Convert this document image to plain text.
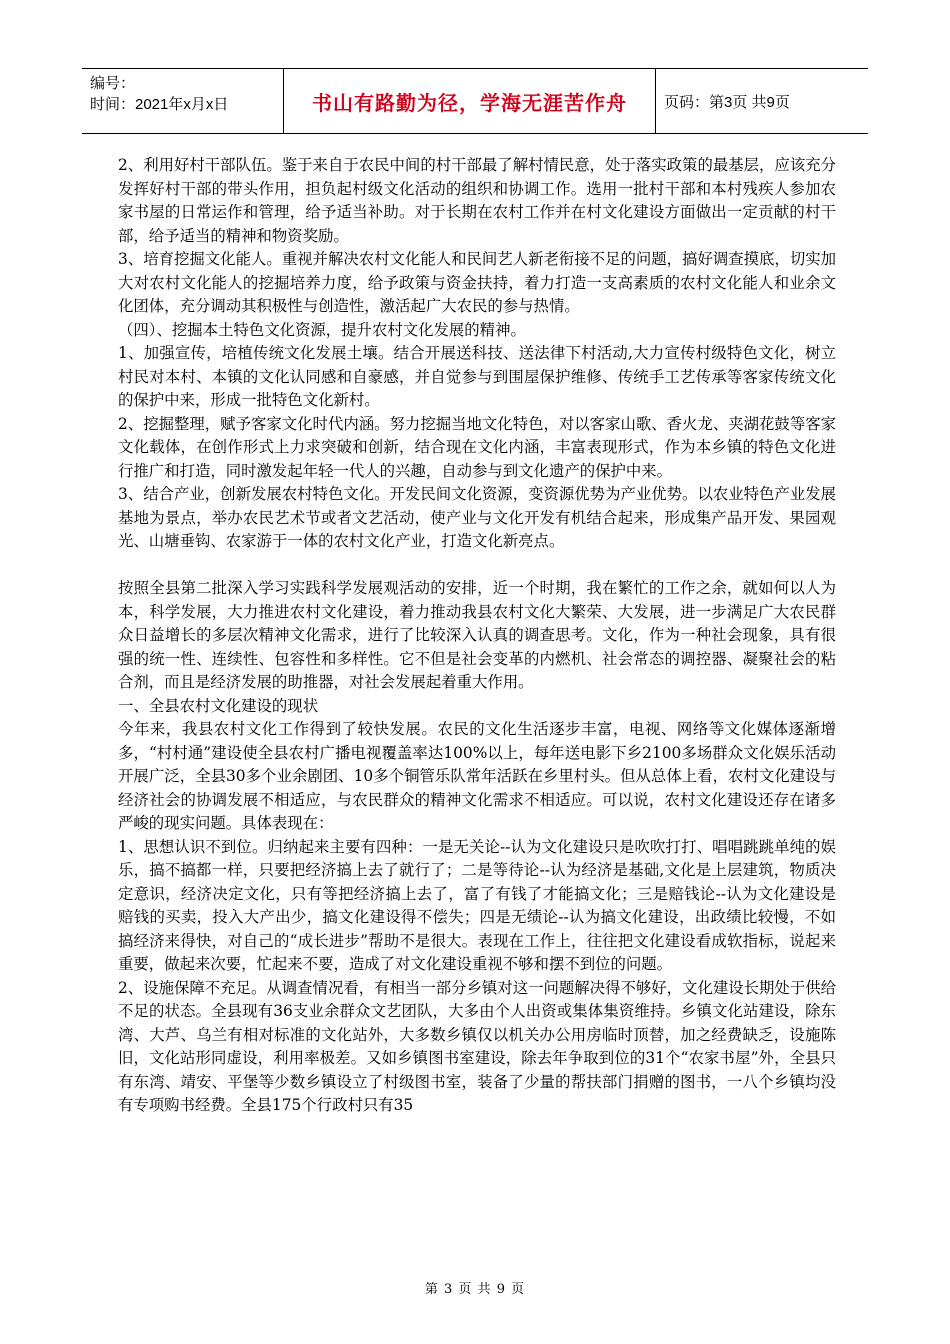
编号：
时间：2021年x月x日	书山有路勤为径，学海无涯苦作舟	页码：第3页 共9页

2、利用好村干部队伍。鉴于来自于农民中间的村干部最了解村情民意，处于落实政策的最基层，应该充分发挥好村干部的带头作用，担负起村级文化活动的组织和协调工作。选用一批村干部和本村残疾人参加农家书屋的日常运作和管理，给予适当补助。对于长期在农村工作并在村文化建设方面做出一定贡献的村干部，给予适当的精神和物资奖励。

3、培育挖掘文化能人。重视并解决农村文化能人和民间艺人新老衔接不足的问题，搞好调查摸底，切实加大对农村文化能人的挖掘培养力度，给予政策与资金扶持，着力打造一支高素质的农村文化能人和业余文化团体，充分调动其积极性与创造性，激活起广大农民的参与热情。

（四）、挖掘本土特色文化资源，提升农村文化发展的精神。

1、加强宣传，培植传统文化发展土壤。结合开展送科技、送法律下村活动,大力宣传村级特色文化，树立村民对本村、本镇的文化认同感和自豪感，并自觉参与到围屋保护维修、传统手工艺传承等客家传统文化的保护中来，形成一批特色文化新村。

2、挖掘整理，赋予客家文化时代内涵。努力挖掘当地文化特色，对以客家山歌、香火龙、夹湖花鼓等客家文化载体，在创作形式上力求突破和创新，结合现在文化内涵，丰富表现形式，作为本乡镇的特色文化进行推广和打造，同时激发起年轻一代人的兴趣，自动参与到文化遗产的保护中来。

3、结合产业，创新发展农村特色文化。开发民间文化资源，变资源优势为产业优势。以农业特色产业发展基地为景点，举办农民艺术节或者文艺活动，使产业与文化开发有机结合起来，形成集产品开发、果园观光、山塘垂钩、农家游于一体的农村文化产业，打造文化新亮点。

按照全县第二批深入学习实践科学发展观活动的安排，近一个时期，我在繁忙的工作之余，就如何以人为本，科学发展，大力推进农村文化建设，着力推动我县农村文化大繁荣、大发展，进一步满足广大农民群众日益增长的多层次精神文化需求，进行了比较深入认真的调查思考。文化，作为一种社会现象，具有很强的统一性、连续性、包容性和多样性。它不但是社会变革的内燃机、社会常态的调控器、凝聚社会的粘合剂，而且是经济发展的助推器，对社会发展起着重大作用。

一、全县农村文化建设的现状

今年来，我县农村文化工作得到了较快发展。农民的文化生活逐步丰富，电视、网络等文化媒体逐渐增多，“村村通”建设使全县农村广播电视覆盖率达100%以上，每年送电影下乡2100多场群众文化娱乐活动开展广泛，全县30多个业余剧团、10多个铜管乐队常年活跃在乡里村头。但从总体上看，农村文化建设与经济社会的协调发展不相适应，与农民群众的精神文化需求不相适应。可以说，农村文化建设还存在诸多严峻的现实问题。具体表现在：

1、思想认识不到位。归纳起来主要有四种：一是无关论--认为文化建设只是吹吹打打、唱唱跳跳单纯的娱乐，搞不搞都一样，只要把经济搞上去了就行了；二是等待论--认为经济是基础,文化是上层建筑，物质决定意识，经济决定文化，只有等把经济搞上去了，富了有钱了才能搞文化；三是赔钱论--认为文化建设是赔钱的买卖，投入大产出少，搞文化建设得不偿失；四是无绩论--认为搞文化建设，出政绩比较慢，不如搞经济来得快，对自己的“成长进步”帮助不是很大。表现在工作上，往往把文化建设看成软指标，说起来重要，做起来次要，忙起来不要，造成了对文化建设重视不够和摆不到位的问题。

2、设施保障不充足。从调查情况看，有相当一部分乡镇对这一问题解决得不够好，文化建设长期处于供给不足的状态。全县现有36支业余群众文艺团队，大多由个人出资或集体集资维持。乡镇文化站建设，除东湾、大芦、乌兰有相对标准的文化站外，大多数乡镇仅以机关办公用房临时顶替，加之经费缺乏，设施陈旧，文化站形同虚设，利用率极差。又如乡镇图书室建设，除去年争取到位的31个“农家书屋”外，全县只有东湾、靖安、平堡等少数乡镇设立了村级图书室，装备了少量的帮扶部门捐赠的图书，一八个乡镇均没有专项购书经费。全县175个行政村只有35

第 3 页 共 9 页
